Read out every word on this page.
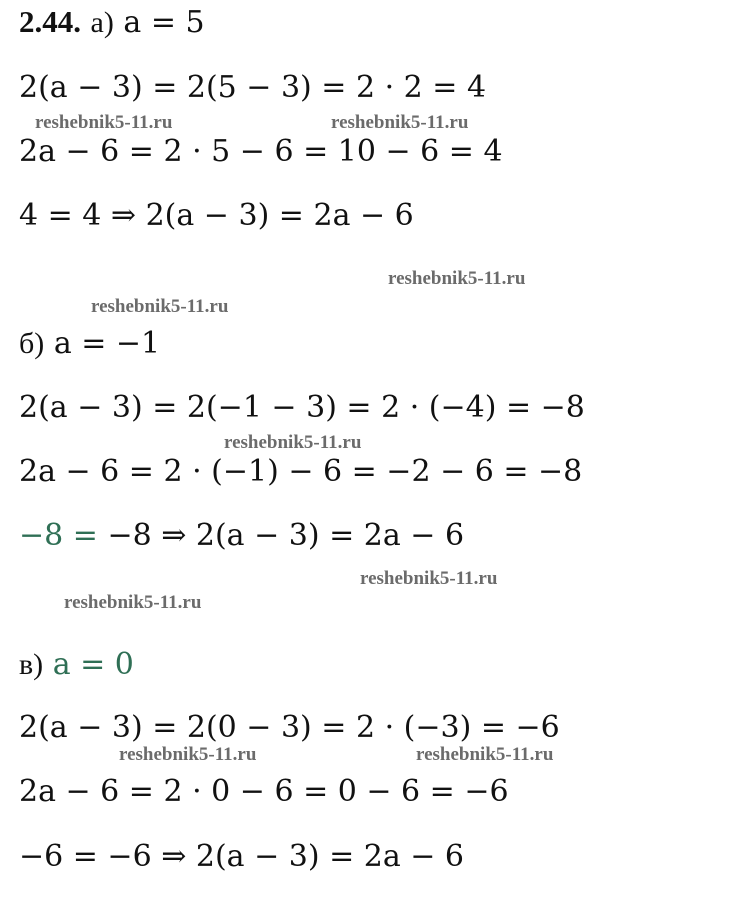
2.44. а) a = 5
2(a − 3) = 2(5 − 3) = 2 · 2 = 4
2a − 6 = 2 · 5 − 6 = 10 − 6 = 4
4 = 4 ⇒ 2(a − 3) = 2a − 6
б) a = −1
2(a − 3) = 2(−1 − 3) = 2 · (−4) = −8
2a − 6 = 2 · (−1) − 6 = −2 − 6 = −8
−8 = −8 ⇒ 2(a − 3) = 2a − 6
в) a = 0
2(a − 3) = 2(0 − 3) = 2 · (−3) = −6
2a − 6 = 2 · 0 − 6 = 0 − 6 = −6
−6 = −6 ⇒ 2(a − 3) = 2a − 6
reshebnik5-11.ru	reshebnik5-11.ru
reshebnik5-11.ru
reshebnik5-11.ru
reshebnik5-11.ru
reshebnik5-11.ru
reshebnik5-11.ru
reshebnik5-11.ru	reshebnik5-11.ru
